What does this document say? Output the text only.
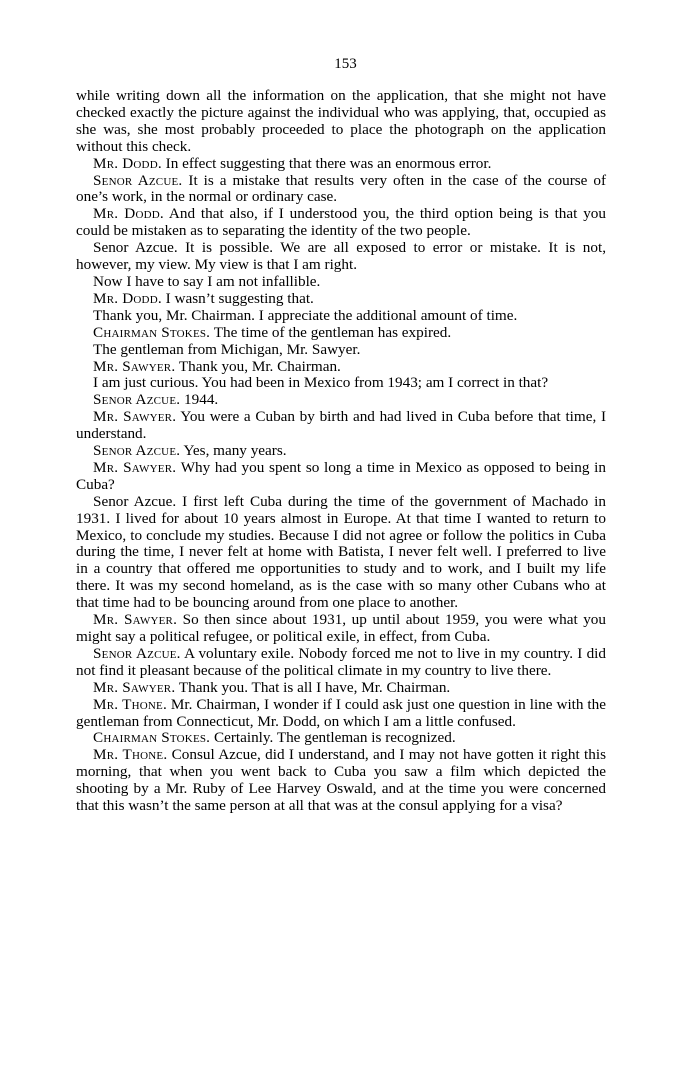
153

while writing down all the information on the application, that she might not have checked exactly the picture against the individual who was applying, that, occupied as she was, she most probably proceeded to place the photograph on the application without this check.

Mr. Dodd. In effect suggesting that there was an enormous error.

Senor Azcue. It is a mistake that results very often in the case of the course of one’s work, in the normal or ordinary case.

Mr. Dodd. And that also, if I understood you, the third option being is that you could be mistaken as to separating the identity of the two people.

Senor Azcue. It is possible. We are all exposed to error or mistake. It is not, however, my view. My view is that I am right.

Now I have to say I am not infallible.

Mr. Dodd. I wasn’t suggesting that.

Thank you, Mr. Chairman. I appreciate the additional amount of time.

Chairman Stokes. The time of the gentleman has expired.

The gentleman from Michigan, Mr. Sawyer.

Mr. Sawyer. Thank you, Mr. Chairman.

I am just curious. You had been in Mexico from 1943; am I correct in that?

Senor Azcue. 1944.

Mr. Sawyer. You were a Cuban by birth and had lived in Cuba before that time, I understand.

Senor Azcue. Yes, many years.

Mr. Sawyer. Why had you spent so long a time in Mexico as opposed to being in Cuba?

Senor Azcue. I first left Cuba during the time of the government of Machado in 1931. I lived for about 10 years almost in Europe. At that time I wanted to return to Mexico, to conclude my studies. Because I did not agree or follow the politics in Cuba during the time, I never felt at home with Batista, I never felt well. I preferred to live in a country that offered me opportunities to study and to work, and I built my life there. It was my second homeland, as is the case with so many other Cubans who at that time had to be bouncing around from one place to another.

Mr. Sawyer. So then since about 1931, up until about 1959, you were what you might say a political refugee, or political exile, in effect, from Cuba.

Senor Azcue. A voluntary exile. Nobody forced me not to live in my country. I did not find it pleasant because of the political climate in my country to live there.

Mr. Sawyer. Thank you. That is all I have, Mr. Chairman.

Mr. Thone. Mr. Chairman, I wonder if I could ask just one question in line with the gentleman from Connecticut, Mr. Dodd, on which I am a little confused.

Chairman Stokes. Certainly. The gentleman is recognized.

Mr. Thone. Consul Azcue, did I understand, and I may not have gotten it right this morning, that when you went back to Cuba you saw a film which depicted the shooting by a Mr. Ruby of Lee Harvey Oswald, and at the time you were concerned that this wasn’t the same person at all that was at the consul applying for a visa?
